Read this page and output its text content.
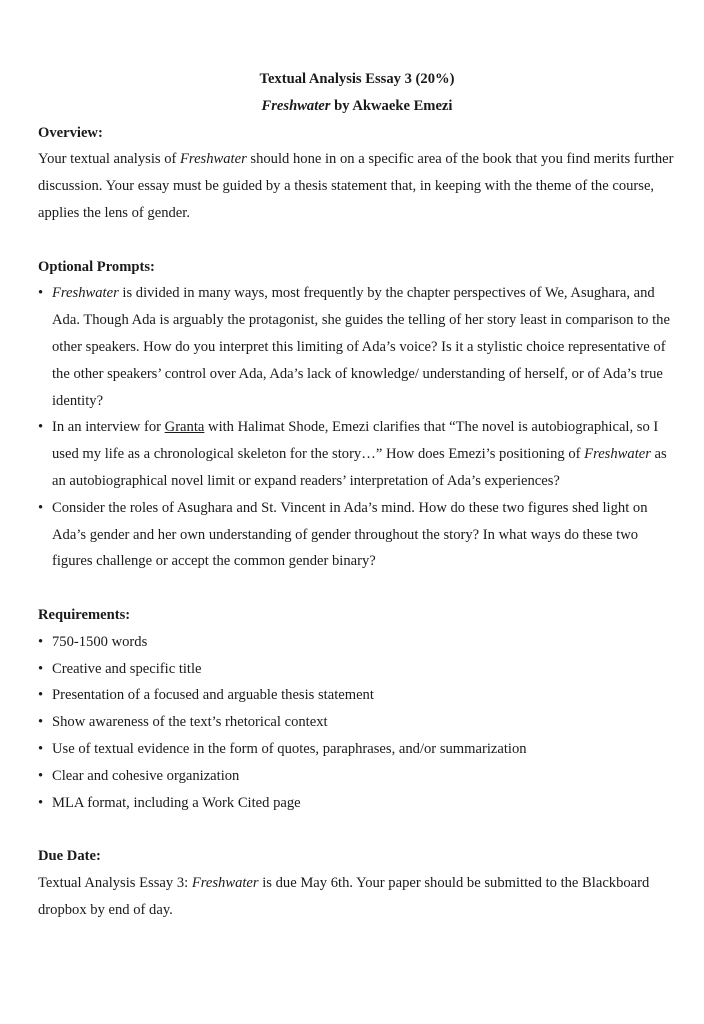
Textual Analysis Essay 3 (20%)

Freshwater by Akwaeke Emezi

Overview:

Your textual analysis of Freshwater should hone in on a specific area of the book that you find merits further discussion. Your essay must be guided by a thesis statement that, in keeping with the theme of the course, applies the lens of gender.

Optional Prompts:

• Freshwater is divided in many ways, most frequently by the chapter perspectives of We, Asughara, and Ada. Though Ada is arguably the protagonist, she guides the telling of her story least in comparison to the other speakers. How do you interpret this limiting of Ada’s voice? Is it a stylistic choice representative of the other speakers’ control over Ada, Ada’s lack of knowledge/ understanding of herself, or of Ada’s true identity?
• In an interview for Granta with Halimat Shode, Emezi clarifies that “The novel is autobiographical, so I used my life as a chronological skeleton for the story…” How does Emezi’s positioning of Freshwater as an autobiographical novel limit or expand readers’ interpretation of Ada’s experiences?
• Consider the roles of Asughara and St. Vincent in Ada’s mind. How do these two figures shed light on Ada’s gender and her own understanding of gender throughout the story? In what ways do these two figures challenge or accept the common gender binary?

Requirements:

• 750-1500 words
• Creative and specific title
• Presentation of a focused and arguable thesis statement
• Show awareness of the text’s rhetorical context
• Use of textual evidence in the form of quotes, paraphrases, and/or summarization
• Clear and cohesive organization
• MLA format, including a Work Cited page

Due Date:

Textual Analysis Essay 3: Freshwater is due May 6th. Your paper should be submitted to the Blackboard dropbox by end of day.
